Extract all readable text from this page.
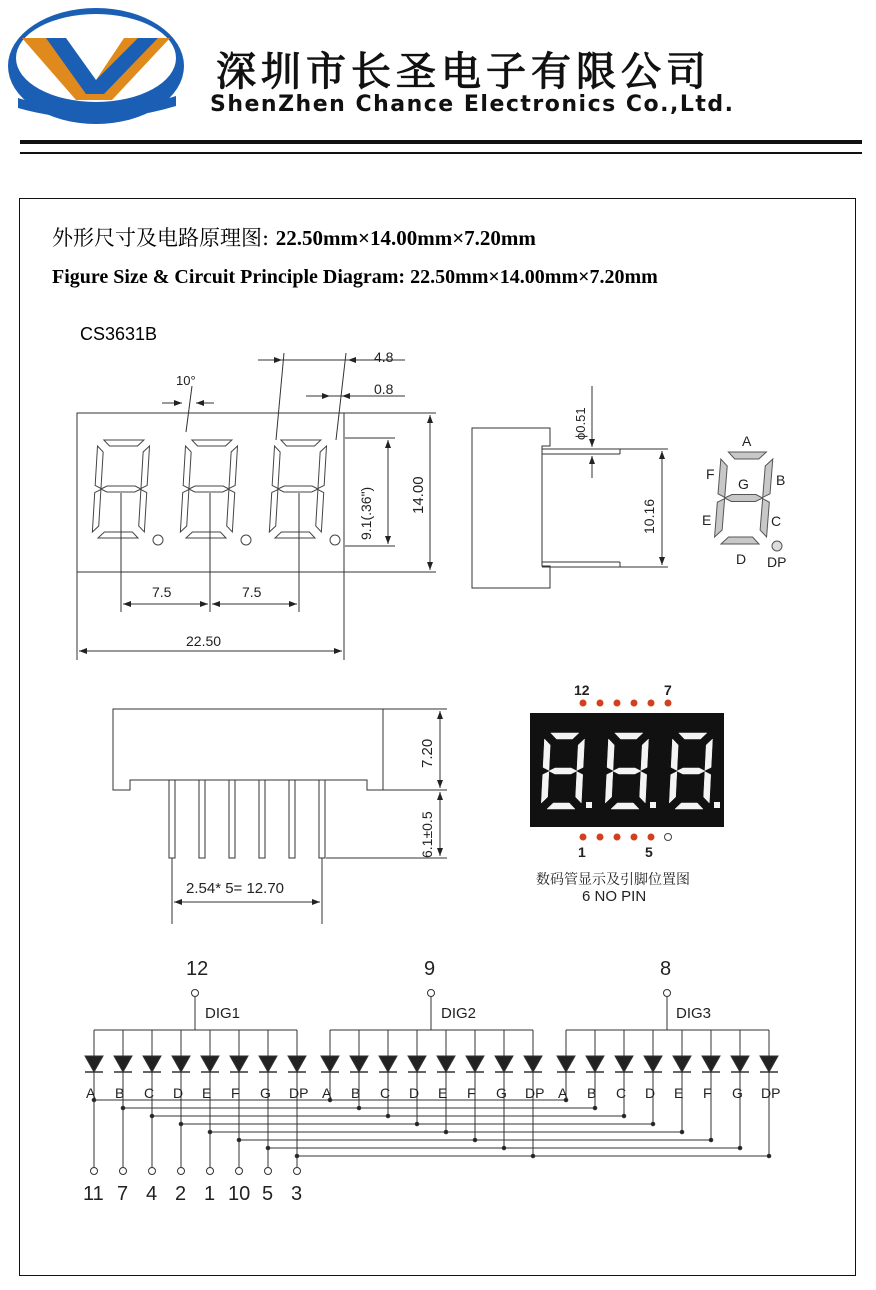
深圳市长圣电子有限公司
ShenZhen Chance Electronics Co.,Ltd.
外形尺寸及电路原理图: 22.50mm×14.00mm×7.20mm
Figure Size & Circuit Principle Diagram: 22.50mm×14.00mm×7.20mm
CS3631B
10°
4.8
0.8
9.1(.36") 14.00
7.5	7.5
22.50
ϕ0.51
10.16
A
B
C
D
E
F
G
DP
7.20
6.1±0.5
2.54* 5= 12.70
12	7
1	5
数码管显示及引脚位置图
6 NO PIN
12	9	8
DIG1	DIG2	DIG3
A B C D E F G DP A B C D E F G DP A B C D E F G DP
11 7 4 2 1 10 5 3
